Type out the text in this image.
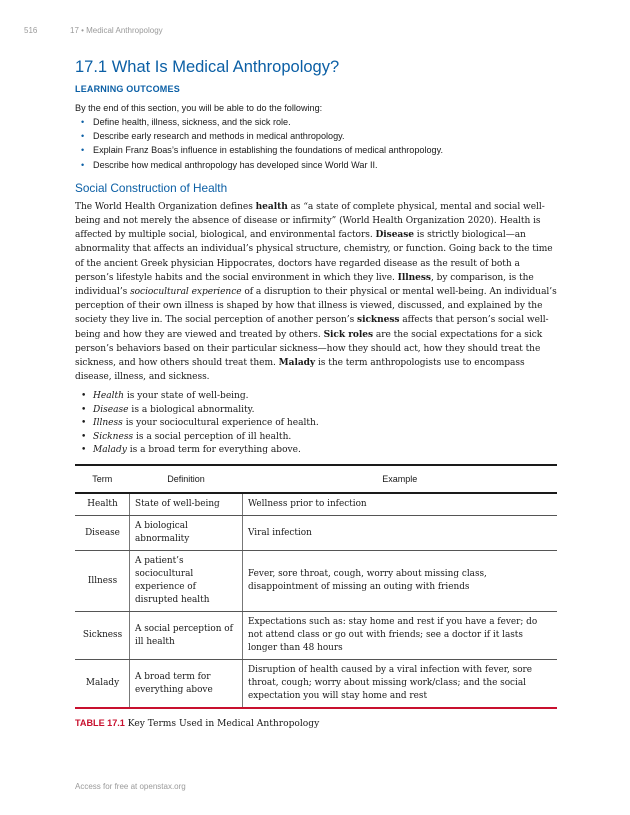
516	17 • Medical Anthropology
17.1 What Is Medical Anthropology?
LEARNING OUTCOMES
By the end of this section, you will be able to do the following:
• Define health, illness, sickness, and the sick role.
• Describe early research and methods in medical anthropology.
• Explain Franz Boas’s influence in establishing the foundations of medical anthropology.
• Describe how medical anthropology has developed since World War II.
Social Construction of Health

The World Health Organization defines health as “a state of complete physical, mental and social well-being and not merely the absence of disease or infirmity” (World Health Organization 2020). Health is affected by multiple social, biological, and environmental factors. Disease is strictly biological—an abnormality that affects an individual’s physical structure, chemistry, or function. Going back to the time of the ancient Greek physician Hippocrates, doctors have regarded disease as the result of both a person’s lifestyle habits and the social environment in which they live. Illness, by comparison, is the individual’s sociocultural experience of a disruption to their physical or mental well-being. An individual’s perception of their own illness is shaped by how that illness is viewed, discussed, and explained by the society they live in. The social perception of another person’s sickness affects that person’s social well-being and how they are viewed and treated by others. Sick roles are the social expectations for a sick person’s behaviors based on their particular sickness—how they should act, how they should treat the sickness, and how others should treat them. Malady is the term anthropologists use to encompass disease, illness, and sickness.

• Health is your state of well-being.
• Disease is a biological abnormality.
• Illness is your sociocultural experience of health.
• Sickness is a social perception of ill health.
• Malady is a broad term for everything above.
Term	Definition	Example
Health	State of well-being	Wellness prior to infection
Disease	A biological abnormality	Viral infection
Illness	A patient’s sociocultural experience of disrupted health	Fever, sore throat, cough, worry about missing class, disappointment of missing an outing with friends
Sickness	A social perception of ill health	Expectations such as: stay home and rest if you have a fever; do not attend class or go out with friends; see a doctor if it lasts longer than 48 hours
Malady	A broad term for everything above	Disruption of health caused by a viral infection with fever, sore throat, cough; worry about missing work/class; and the social expectation you will stay home and rest
TABLE 17.1 Key Terms Used in Medical Anthropology
Access for free at openstax.org
